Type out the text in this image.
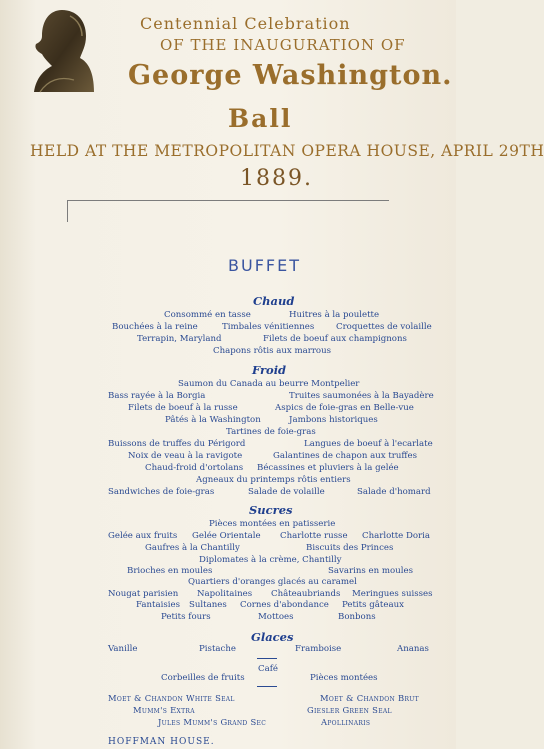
Centennial Celebration
OF THE INAUGURATION OF
George Washington.
Ball
HELD AT THE METROPOLITAN OPERA HOUSE, APRIL 29TH
1889.
BUFFET
Chaud
Consommé en tasse	Huitres à la poulette
Bouchées à la reine	Timbales vénitiennes	Croquettes de volaille
Terrapin, Maryland	Filets de boeuf aux champignons
Chapons rôtis aux marrous
Froid
Saumon du Canada au beurre Montpelier
Bass rayée à la Borgia	Truites saumonées à la Bayadère
Filets de boeuf à la russe	Aspics de foie-gras en Belle-vue
Pâtés à la Washington	Jambons historiques
Tartines de foie-gras
Buissons de truffes du Périgord	Langues de boeuf à l'ecarlate
Noix de veau à la ravigote	Galantines de chapon aux truffes
Chaud-froid d'ortolans Bécassines et pluviers à la gelée
Agneaux du printemps rôtis entiers
Sandwiches de foie-gras	Salade de volaille	Salade d'homard
Sucres
Pièces montées en patisserie
Gelée aux fruits Gelée Orientale Charlotte russe Charlotte Doria
Gaufres à la Chantilly	Biscuits des Princes
Diplomates à la crème, Chantilly
Brioches en moules	Savarins en moules
Quartiers d'oranges glacés au caramel
Nougat parisien Napolitaines Châteaubriands Meringues suisses
Fantaisies Sultanes Cornes d'abondance Petits gâteaux
Petits fours	Mottoes	Bonbons
Glaces
Vanille	Pistache	Framboise	Ananas
Café
Corbeilles de fruits	Pièces montées
Moet & Chandon White Seal	Moet & Chandon Brut
Mumm's Extra	Giesler Green Seal
Jules Mumm's Grand Sec	Apollinaris
HOFFMAN HOUSE.
